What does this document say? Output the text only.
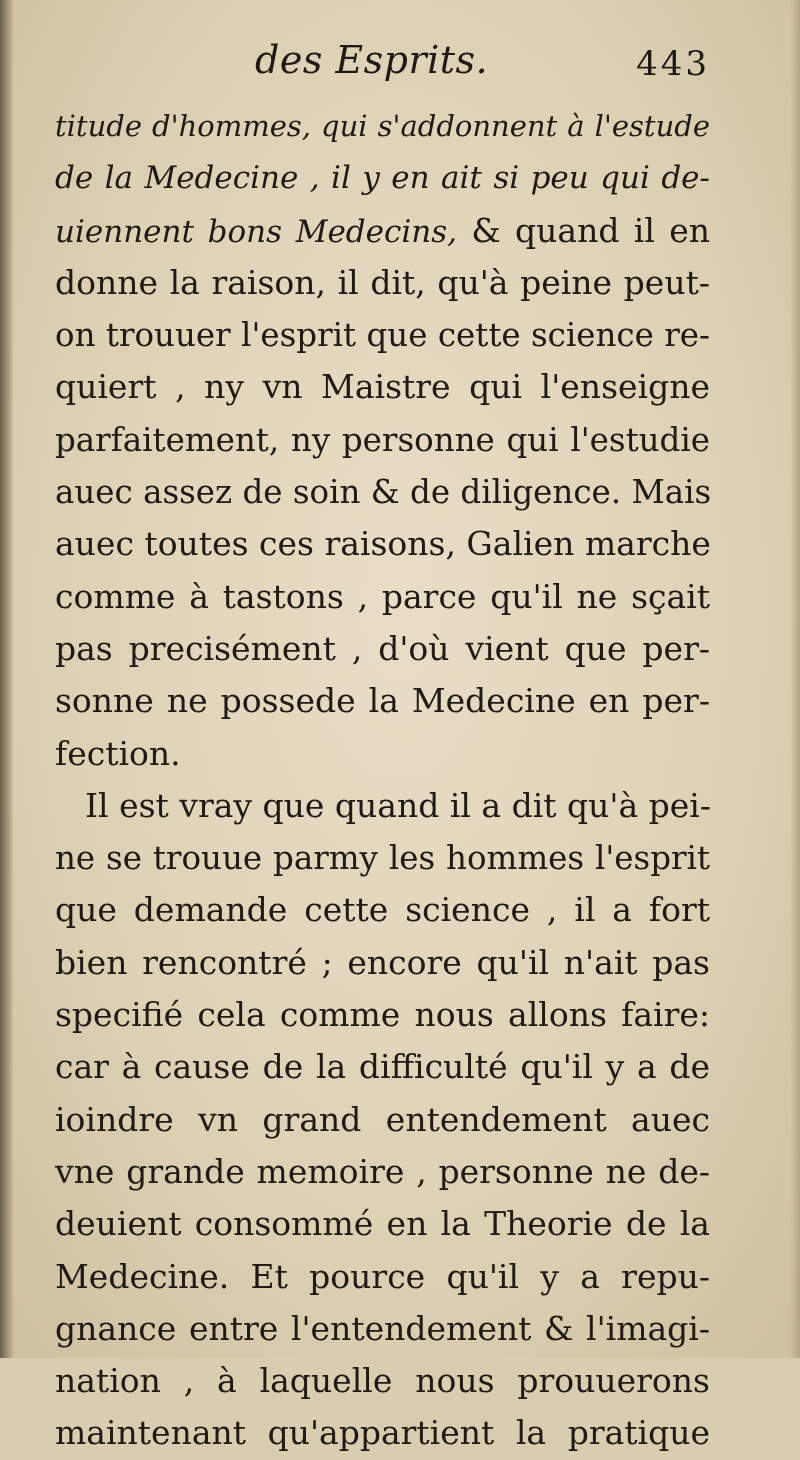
des Esprits.	443
titude d'hommes, qui s'addonnent à l'estude
de la Medecine , il y en ait si peu qui de-
uiennent bons Medecins, & quand il en
donne la raison, il dit, qu'à peine peut-
on trouuer l'esprit que cette science re-
quiert , ny vn Maistre qui l'enseigne
parfaitement, ny personne qui l'estudie
auec assez de soin & de diligence. Mais
auec toutes ces raisons, Galien marche
comme à tastons , parce qu'il ne sçait
pas precisément , d'où vient que per-
sonne ne possede la Medecine en per-
fection.
Il est vray que quand il a dit qu'à pei-
ne se trouue parmy les hommes l'esprit
que demande cette science , il a fort
bien rencontré ; encore qu'il n'ait pas
specifié cela comme nous allons faire:
car à cause de la difficulté qu'il y a de
ioindre vn grand entendement auec
vne grande memoire , personne ne de-
deuient consommé en la Theorie de la
Medecine. Et pource qu'il y a repu-
gnance entre l'entendement & l'imagi-
nation , à laquelle nous prouuerons
maintenant qu'appartient la pratique
